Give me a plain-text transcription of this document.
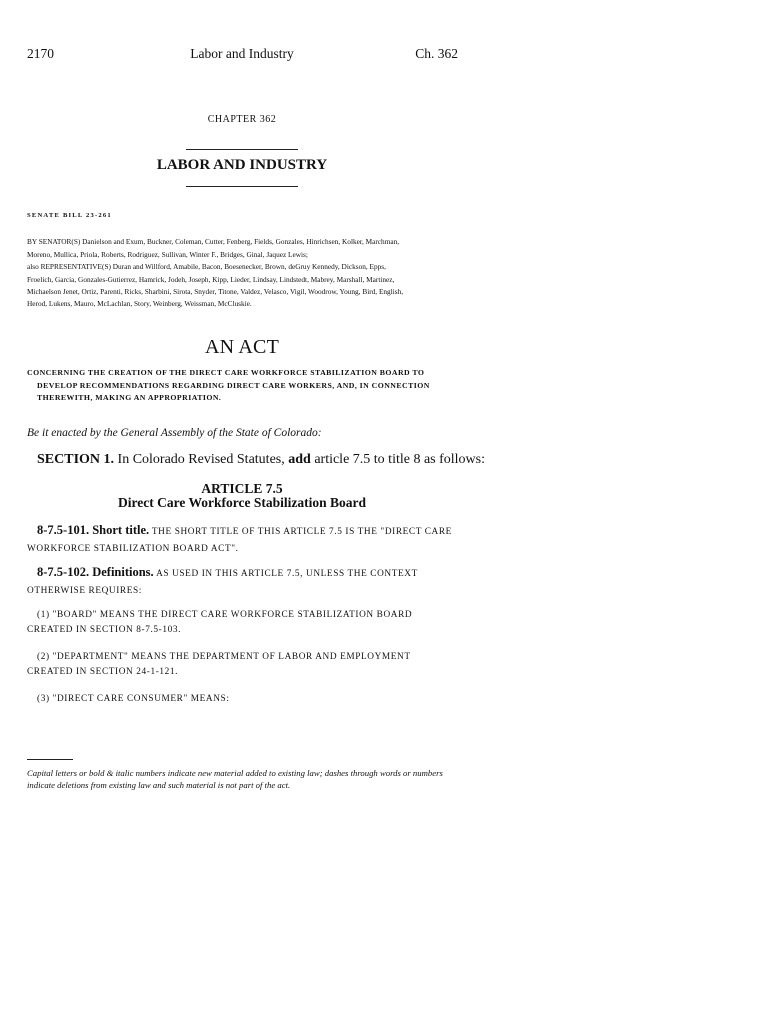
2170	Labor and Industry	Ch. 362
CHAPTER 362
LABOR AND INDUSTRY
SENATE BILL 23-261
BY SENATOR(S) Danielson and Exum, Buckner, Coleman, Cutter, Fenberg, Fields, Gonzales, Hinrichsen, Kolker, Marchman,
Moreno, Mullica, Priola, Roberts, Rodriguez, Sullivan, Winter F., Bridges, Ginal, Jaquez Lewis;
also REPRESENTATIVE(S) Duran and Willford, Amabile, Bacon, Boesenecker, Brown, deGruy Kennedy, Dickson, Epps,
Froelich, Garcia, Gonzales-Gutierrez, Hamrick, Jodeh, Joseph, Kipp, Lieder, Lindsay, Lindstedt, Mabrey, Marshall, Martinez,
Michaelson Jenet, Ortiz, Parenti, Ricks, Sharbini, Sirota, Snyder, Titone, Valdez, Velasco, Vigil, Woodrow, Young, Bird, English,
Herod, Lukens, Mauro, McLachlan, Story, Weinberg, Weissman, McCluskie.
AN ACT
CONCERNING THE CREATION OF THE DIRECT CARE WORKFORCE STABILIZATION BOARD TO
DEVELOP RECOMMENDATIONS REGARDING DIRECT CARE WORKERS, AND, IN CONNECTION
THEREWITH, MAKING AN APPROPRIATION.
Be it enacted by the General Assembly of the State of Colorado:
SECTION 1. In Colorado Revised Statutes, add article 7.5 to title 8 as follows:
ARTICLE 7.5
Direct Care Workforce Stabilization Board
8-7.5-101. Short title. THE SHORT TITLE OF THIS ARTICLE 7.5 IS THE "DIRECT CARE WORKFORCE STABILIZATION BOARD ACT".
8-7.5-102. Definitions. AS USED IN THIS ARTICLE 7.5, UNLESS THE CONTEXT OTHERWISE REQUIRES:
(1) "BOARD" MEANS THE DIRECT CARE WORKFORCE STABILIZATION BOARD CREATED IN SECTION 8-7.5-103.
(2) "DEPARTMENT" MEANS THE DEPARTMENT OF LABOR AND EMPLOYMENT CREATED IN SECTION 24-1-121.
(3) "DIRECT CARE CONSUMER" MEANS:
Capital letters or bold & italic numbers indicate new material added to existing law; dashes through words or numbers indicate deletions from existing law and such material is not part of the act.
